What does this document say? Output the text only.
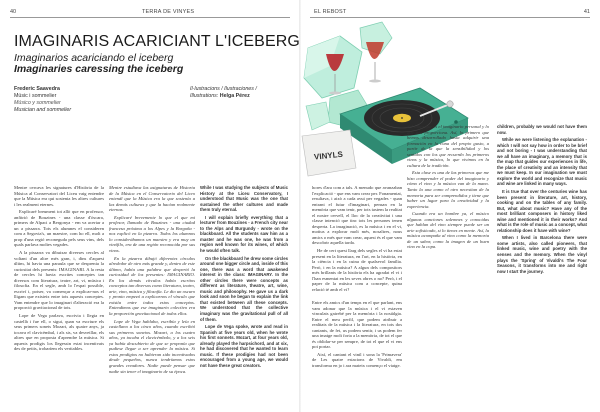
40	TERRA DE VINYES	EL REBOST	41
IMAGINARIS ACARICIANT L'ICEBERG
Imaginarios acariciando el iceberg
Imaginaries caressing the iceberg
Frederic Saavedra
Músic i sommelier
Músico y sommelier
Musician and sommelier
Il·lustracions / Ilustraciones /
Illustrations: Helga Pérez
VINYLS

Mentre cercava les signatures d'Història de la Música al Conservatori del Liceu vaig entendre que la Música era qui sostenia les altres cultures i les realment eternes.

Explicaré breument tot allò que en professor, anfitrió de Bouzines - una classe d'òscara, primers de Alpaci a Bergonya - em va acertar a un a pissarra. Tots els alumnes el consideren com a Segovia's, un maestre, com ho ell, molt a prop d'una regió reconeguda pels seus vins, dels quals parlava moltes vegades.

A la pissarra va dibuixar diverses cercles al voltant d'un altre més gran, i, dins d'aquest últim, hi havia una paraula que se desprenia la curiositat dels presents: IMAGINARI. A la resta de cercles hi havia escrites conceptes tan diversos com literatura, teatre, art, vi, música i filosofia. En el segle, amb lo l'espai possible, escriví i, potser, va començar a explicar-nos el lligam que existeix entre tots aquests conceptes. Vam entendre que lo imaginari d'alteració era la proporció gravitacional de tots.

Lope de Vega parlava, escrivia i llegia en castellà i fue ell, o sigui, quan va escriure els seus primers sonets Mozart, als quatre anys, ja tocava el clavicèmbal, i als sis, va desvetllar, els altres que en proposta d'aprendre la música. Si aquests prodigis los llegessin estat incentivats des de petits, trobaríem els veritables.

Mentre estudiava las asignaturas de Historia de la Música en el Conservatorio del Liceo entendí que la Música era la que sostenía a las demás culturas y que la hacían realmente eternas.

Explicaré brevemente lo que el que mi profesor, llamado de Bouzines - una ciudad francesa próxima a los Alpes y la Borgoña - nos explicó en la pizarra. Todos los alumnos lo considerábamos un maestro y era muy un vinófilo, era de una región reconocida por sus vinos.

En la pizarra dibujó diferentes círculos alrededor de otro más grande y, dentro de este último, había una palabra que despertó la curiosidad de los presentes: IMAGINARIO. En los demás círculos había escritos conceptos tan diversos como literatura, teatro, arte, vino, música y filosofía. Le dio un oscuro y pronto empezó a explicarnos el vínculo que existía entre todos estos conceptos. Entendimos que ese imaginario colectivo era la proporción gravitacional de todos ellos.

Lope de Vega hablaba, escribía y leía en castellano a los cinco años, cuando escribió sus primeros sonetos. Mozart, a los cuatro años, ya tocaba el clavicémbalo, y a los seis ya había descubierto de que se proponía que pudiese llegar a ser aprender la música. Si estos prodigios no hubieran sido incentivados desde pequeños, nunca tendríamos estos grandes creadores. Nadie puede pensar que nadie sin tener el imaginario de su época.

While I was studying the subjects of Music History at the Liceu Conservatory, I understood that Music was the one that sustained the other cultures and made them truly eternal.

I will explain briefly everything that a lecturer from Bouzines - a French city near to the Alps and Burgundy - wrote on the blackboard. All the students saw him as a master and he was one, he was from a region well known for its wines, of which he would often talk.

On the blackboard he drew some circles around one bigger circle and, inside of this one, there was a word that awakened interest in the class: IMAGINARY. In the other circles there were concepts as different as literature, theatre, art, wine, music and philosophy. He gave us a dark look and soon he began to explain the link that existed between all these concepts. We understood that the collective imaginary was the gravitational pull of all of them.

Lope de Vega spoke, wrote and read in Spanish at five years old, when he wrote his first sonnets. Mozart, at four years old, already played the harpsichord, and at six, he had discovered that he wanted to learn music. If these prodigies had not been encouraged from a young age, we would not have these great creators.

hores d'ara com a tals. A menudo que avanzaban l'explicació - que ens vam crear per. Fonamentat, resultava, i això a cada avui per vegades - quan entrant el futur d'imaginari, pensan en la memòria que vam tenir, per tots tastem la realitat el nostre cervell, el lloc de la creativitat i una classe intenció que tinc tots les persones tenen desperta. La imaginació, es la música i en el vi, motius a explorar molt més, nosaltres, nous amics o més que vam crear, aquest és el que vam descobrir aquella tarda.

He de cert quest llarg dels segles el vi ha estat present en la literatura, en l'art, en la història, en la ciència i en la cuina de qualsevol família. Però, i en la música? A algun dels compositors més brillants de la història els ha agradat el vi i l'han esmentat en les seves obres o no? Però, i el paper de la música com a concepte, quina relació té amb el vi?

Entre els amics d'un temps en el que parlant, ens vam adonar que la música i el vi estaven vinculats gairebé per la memòria i la nostàlgia. Entre el meu perfil, que podem atribuir a realitats de la música i la literatura, en tots dos cantants, de fet, us podem sentir, i us podem fer una imatge molt forta a la memòria, de tot el que és oblidar-se per sempre, de tot el que el vi ens pot portar.

Així, el cantant el vinil i sona la 'Primavera' de Les quatre estacions de Vivaldi, em transforma en jo i ara mateix començo el viatge.

del saber que es el imaginario personal y lo que nos proporciona. Así, lo primero que hemos desarrollado hasta adquirir una formación en la cuna del propio gusto, a partir de la que la sensibilidad y los sentidos con los que recuerdo los primeros vinos y la música, lo que vivimos en la cultura de la tradición.

Esta clase es una de las primeras que me hizo comprender el poder del imaginario y cómo el vino y la música van de la mano. Tanto la una como el otro necesitan de la memoria para ser comprendidos y tiene que haber un lugar para la creatividad y la experiencia.

Cuando era un hombre ya, el músico algunas canciones solemnes y conocidas que hablan del vino siempre puede ser un arte sofisticado, si lo tienes en mente. Así, la música acompaña al vino como la memoria de un sabor, como la imagen de un buen vino en la copa.

children, probably we would not have them now.

While we were listening the explanation - which I will not say how in order to be brief and not boring - I was understanding that we all have an imaginary, a memory that is the map that guides our experiences in life, the place of creativity and an intensity that we must keep. In our imagination we must explore the world and recognize that music and wine are linked in many ways.

It is true that over the centuries wine has been present in literature, art, history, cooking and on the tables of any family. But, what about music? Have any of the most brilliant composers in history liked wine and mentioned it in their works? And what is the role of music as a concept, what relationship does it have with wine?

When I lived in Barcelona there were some artists, also called pioneers, that linked music, wine and poetry with the senses and the memory. When the vinyl plays the 'Spring' of Vivaldi's The Four Seasons, it transforms into me and right now I start the journey.
